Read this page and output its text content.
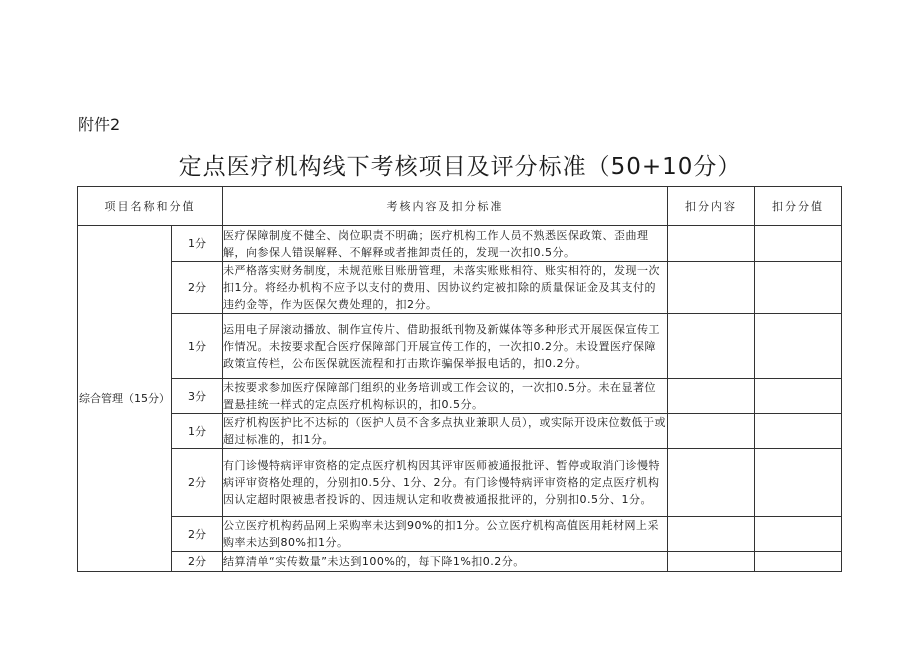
附件2
定点医疗机构线下考核项目及评分标准（50+10分）
项目名称和分值		考核内容及扣分标准	扣分内容	扣分分值
综合管理（15分）	1分	医疗保障制度不健全、岗位职责不明确；医疗机构工作人员不熟悉医保政策、歪曲理解，向参保人错误解释、不解释或者推卸责任的，发现一次扣0.5分。		
	2分	未严格落实财务制度，未规范账目账册管理，未落实账账相符、账实相符的，发现一次扣1分。将经办机构不应予以支付的费用、因协议约定被扣除的质量保证金及其支付的违约金等，作为医保欠费处理的，扣2分。		
	1分	运用电子屏滚动播放、制作宣传片、借助报纸刊物及新媒体等多种形式开展医保宣传工作情况。未按要求配合医疗保障部门开展宣传工作的，一次扣0.2分。未设置医疗保障政策宣传栏，公布医保就医流程和打击欺诈骗保举报电话的，扣0.2分。		
	3分	未按要求参加医疗保障部门组织的业务培训或工作会议的，一次扣0.5分。未在显著位置悬挂统一样式的定点医疗机构标识的，扣0.5分。		
	1分	医疗机构医护比不达标的（医护人员不含多点执业兼职人员），或实际开设床位数低于或超过标准的，扣1分。		
	2分	有门诊慢特病评审资格的定点医疗机构因其评审医师被通报批评、暂停或取消门诊慢特病评审资格处理的，分别扣0.5分、1分、2分。有门诊慢特病评审资格的定点医疗机构因认定超时限被患者投诉的、因违规认定和收费被通报批评的，分别扣0.5分、1分。		
	2分	公立医疗机构药品网上采购率未达到90%的扣1分。公立医疗机构高值医用耗材网上采购率未达到80%扣1分。		
	2分	结算清单“实传数量”未达到100%的，每下降1%扣0.2分。		
